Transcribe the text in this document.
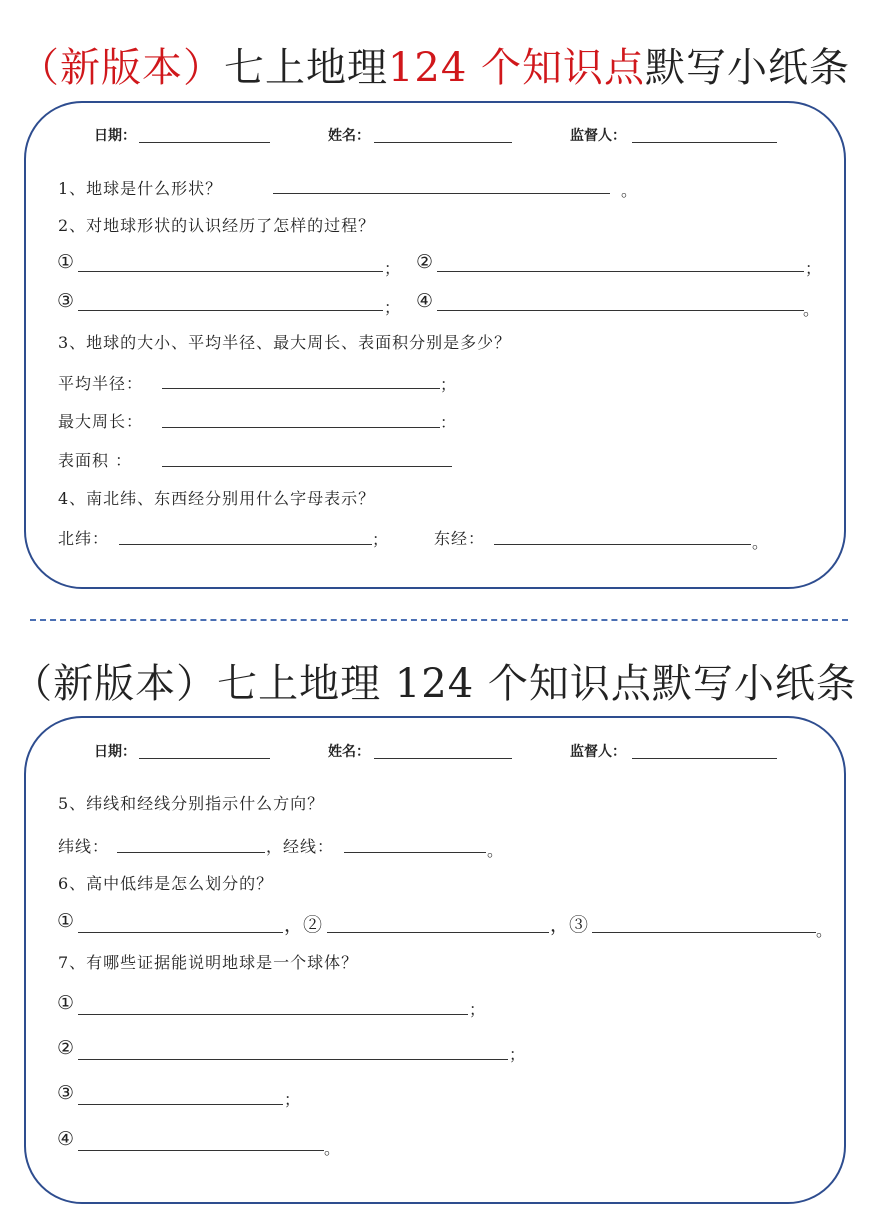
（新版本）七上地理124 个知识点默写小纸条
日期：	姓名：	监督人：
1、地球是什么形状？	。
2、对地球形状的认识经历了怎样的过程？
①	； ②	；
③	； ④	。
3、地球的大小、平均半径、最大周长、表面积分别是多少？
平均半径：	；
最大周长：	：
表面积 ：
4、南北纬、东西经分别用什么字母表示？
北纬：	；	东经：	。
（新版本）七上地理 124 个知识点默写小纸条
日期：	姓名：	监督人：
5、纬线和经线分别指示什么方向？
纬线：	，经线：	。
6、高中低纬是怎么划分的？
①	，②	，③	。
7、有哪些证据能说明地球是一个球体？
①	；
②	；
③	；
④	。
